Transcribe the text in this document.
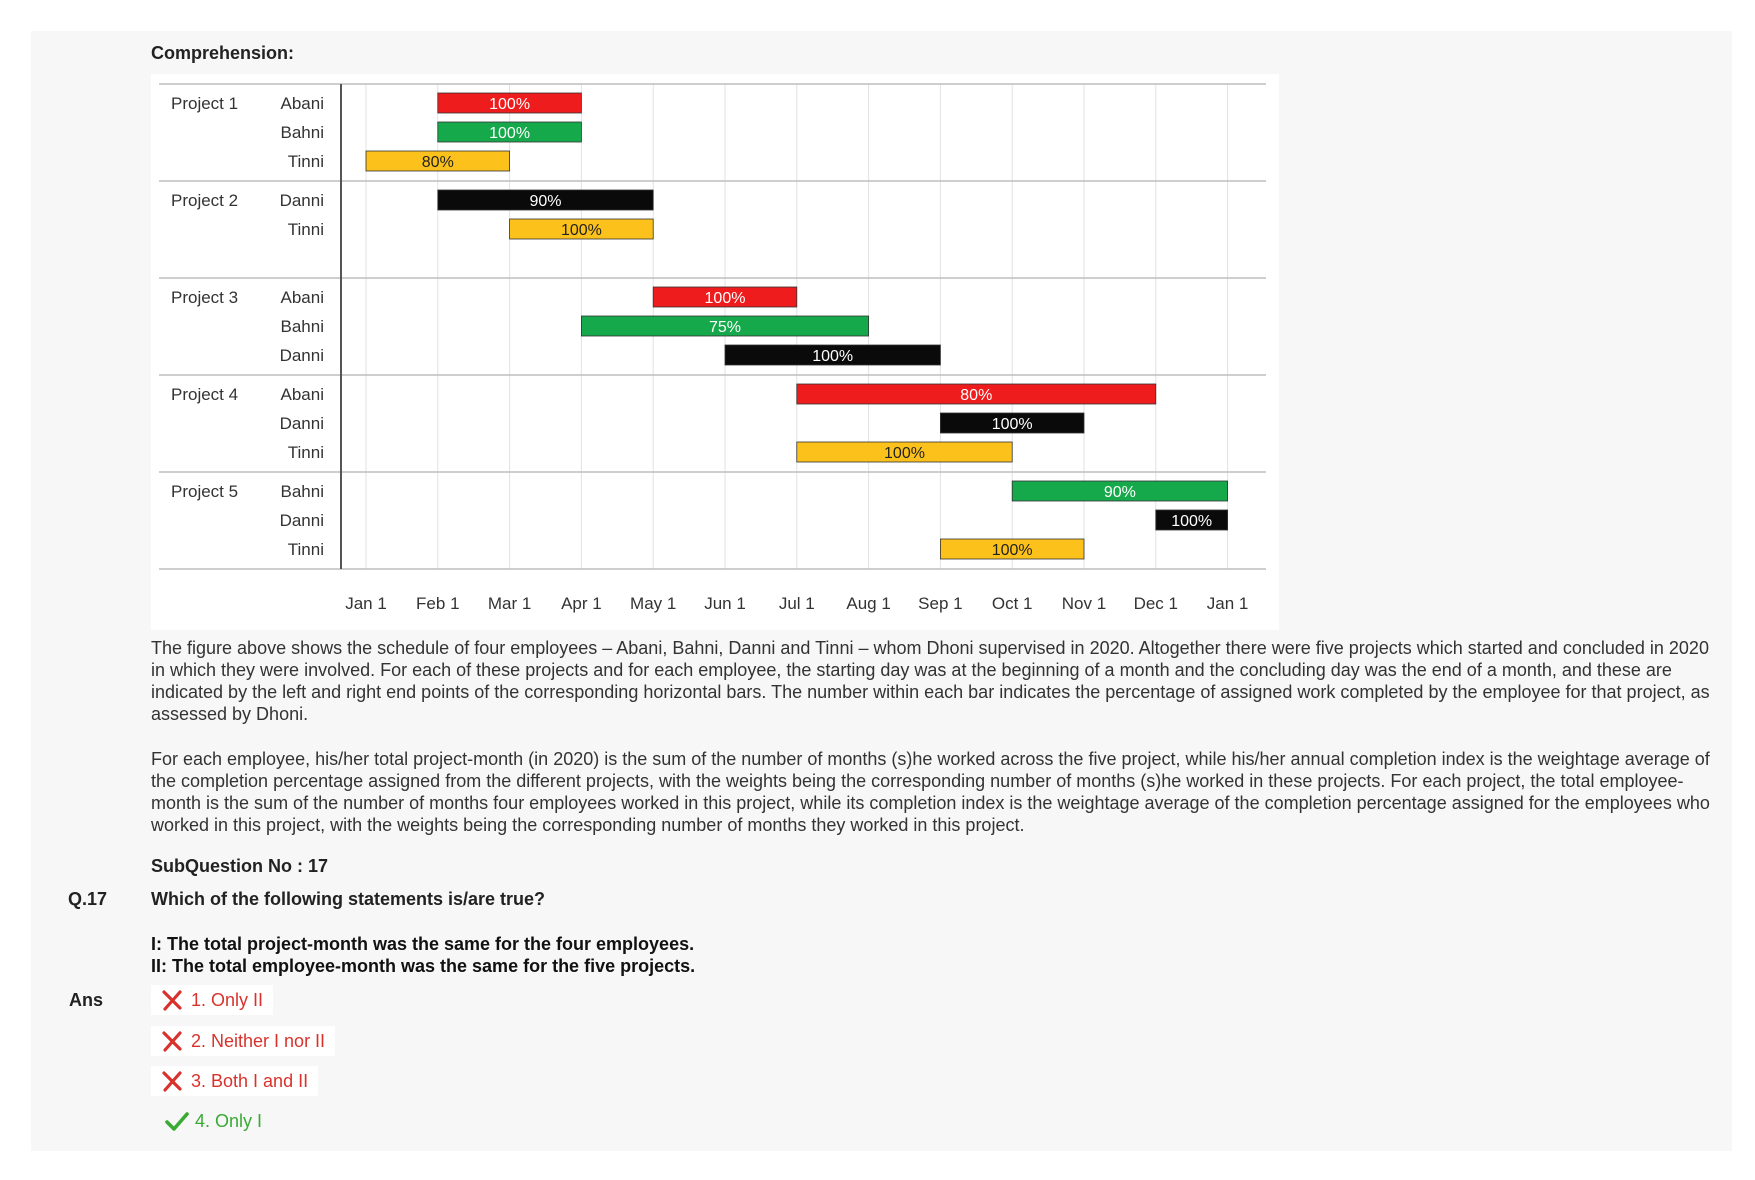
Comprehension:
Project 1 Abani	100%
Bahni	100%
Tinni	80%
Project 2 Danni	90%
Tinni	100%
Project 3 Abani	100%
Bahni	75%
Danni	100%
Project 4 Abani	80%
Danni	100%
Tinni	100%
Project 5 Bahni	90%
Danni	100%
Tinni	100%
Jan 1 Feb 1 Mar 1 Apr 1 May 1 Jun 1 Jul 1 Aug 1 Sep 1 Oct 1 Nov 1 Dec 1 Jan 1

The figure above shows the schedule of four employees – Abani, Bahni, Danni and Tinni – whom Dhoni supervised in 2020. Altogether there were five projects which started and concluded in 2020 in which they were involved. For each of these projects and for each employee, the starting day was at the beginning of a month and the concluding day was the end of a month, and these are indicated by the left and right end points of the corresponding horizontal bars. The number within each bar indicates the percentage of assigned work completed by the employee for that project, as assessed by Dhoni.

For each employee, his/her total project-month (in 2020) is the sum of the number of months (s)he worked across the five project, while his/her annual completion index is the weightage average of the completion percentage assigned from the different projects, with the weights being the corresponding number of months (s)he worked in these projects. For each project, the total employee-month is the sum of the number of months four employees worked in this project, while its completion index is the weightage average of the completion percentage assigned for the employees who worked in this project, with the weights being the corresponding number of months they worked in this project.

SubQuestion No : 17
Q.17 Which of the following statements is/are true?
I: The total project-month was the same for the four employees.
II: The total employee-month was the same for the five projects.
Ans	1. Only II
2. Neither I nor II
3. Both I and II
4. Only I
